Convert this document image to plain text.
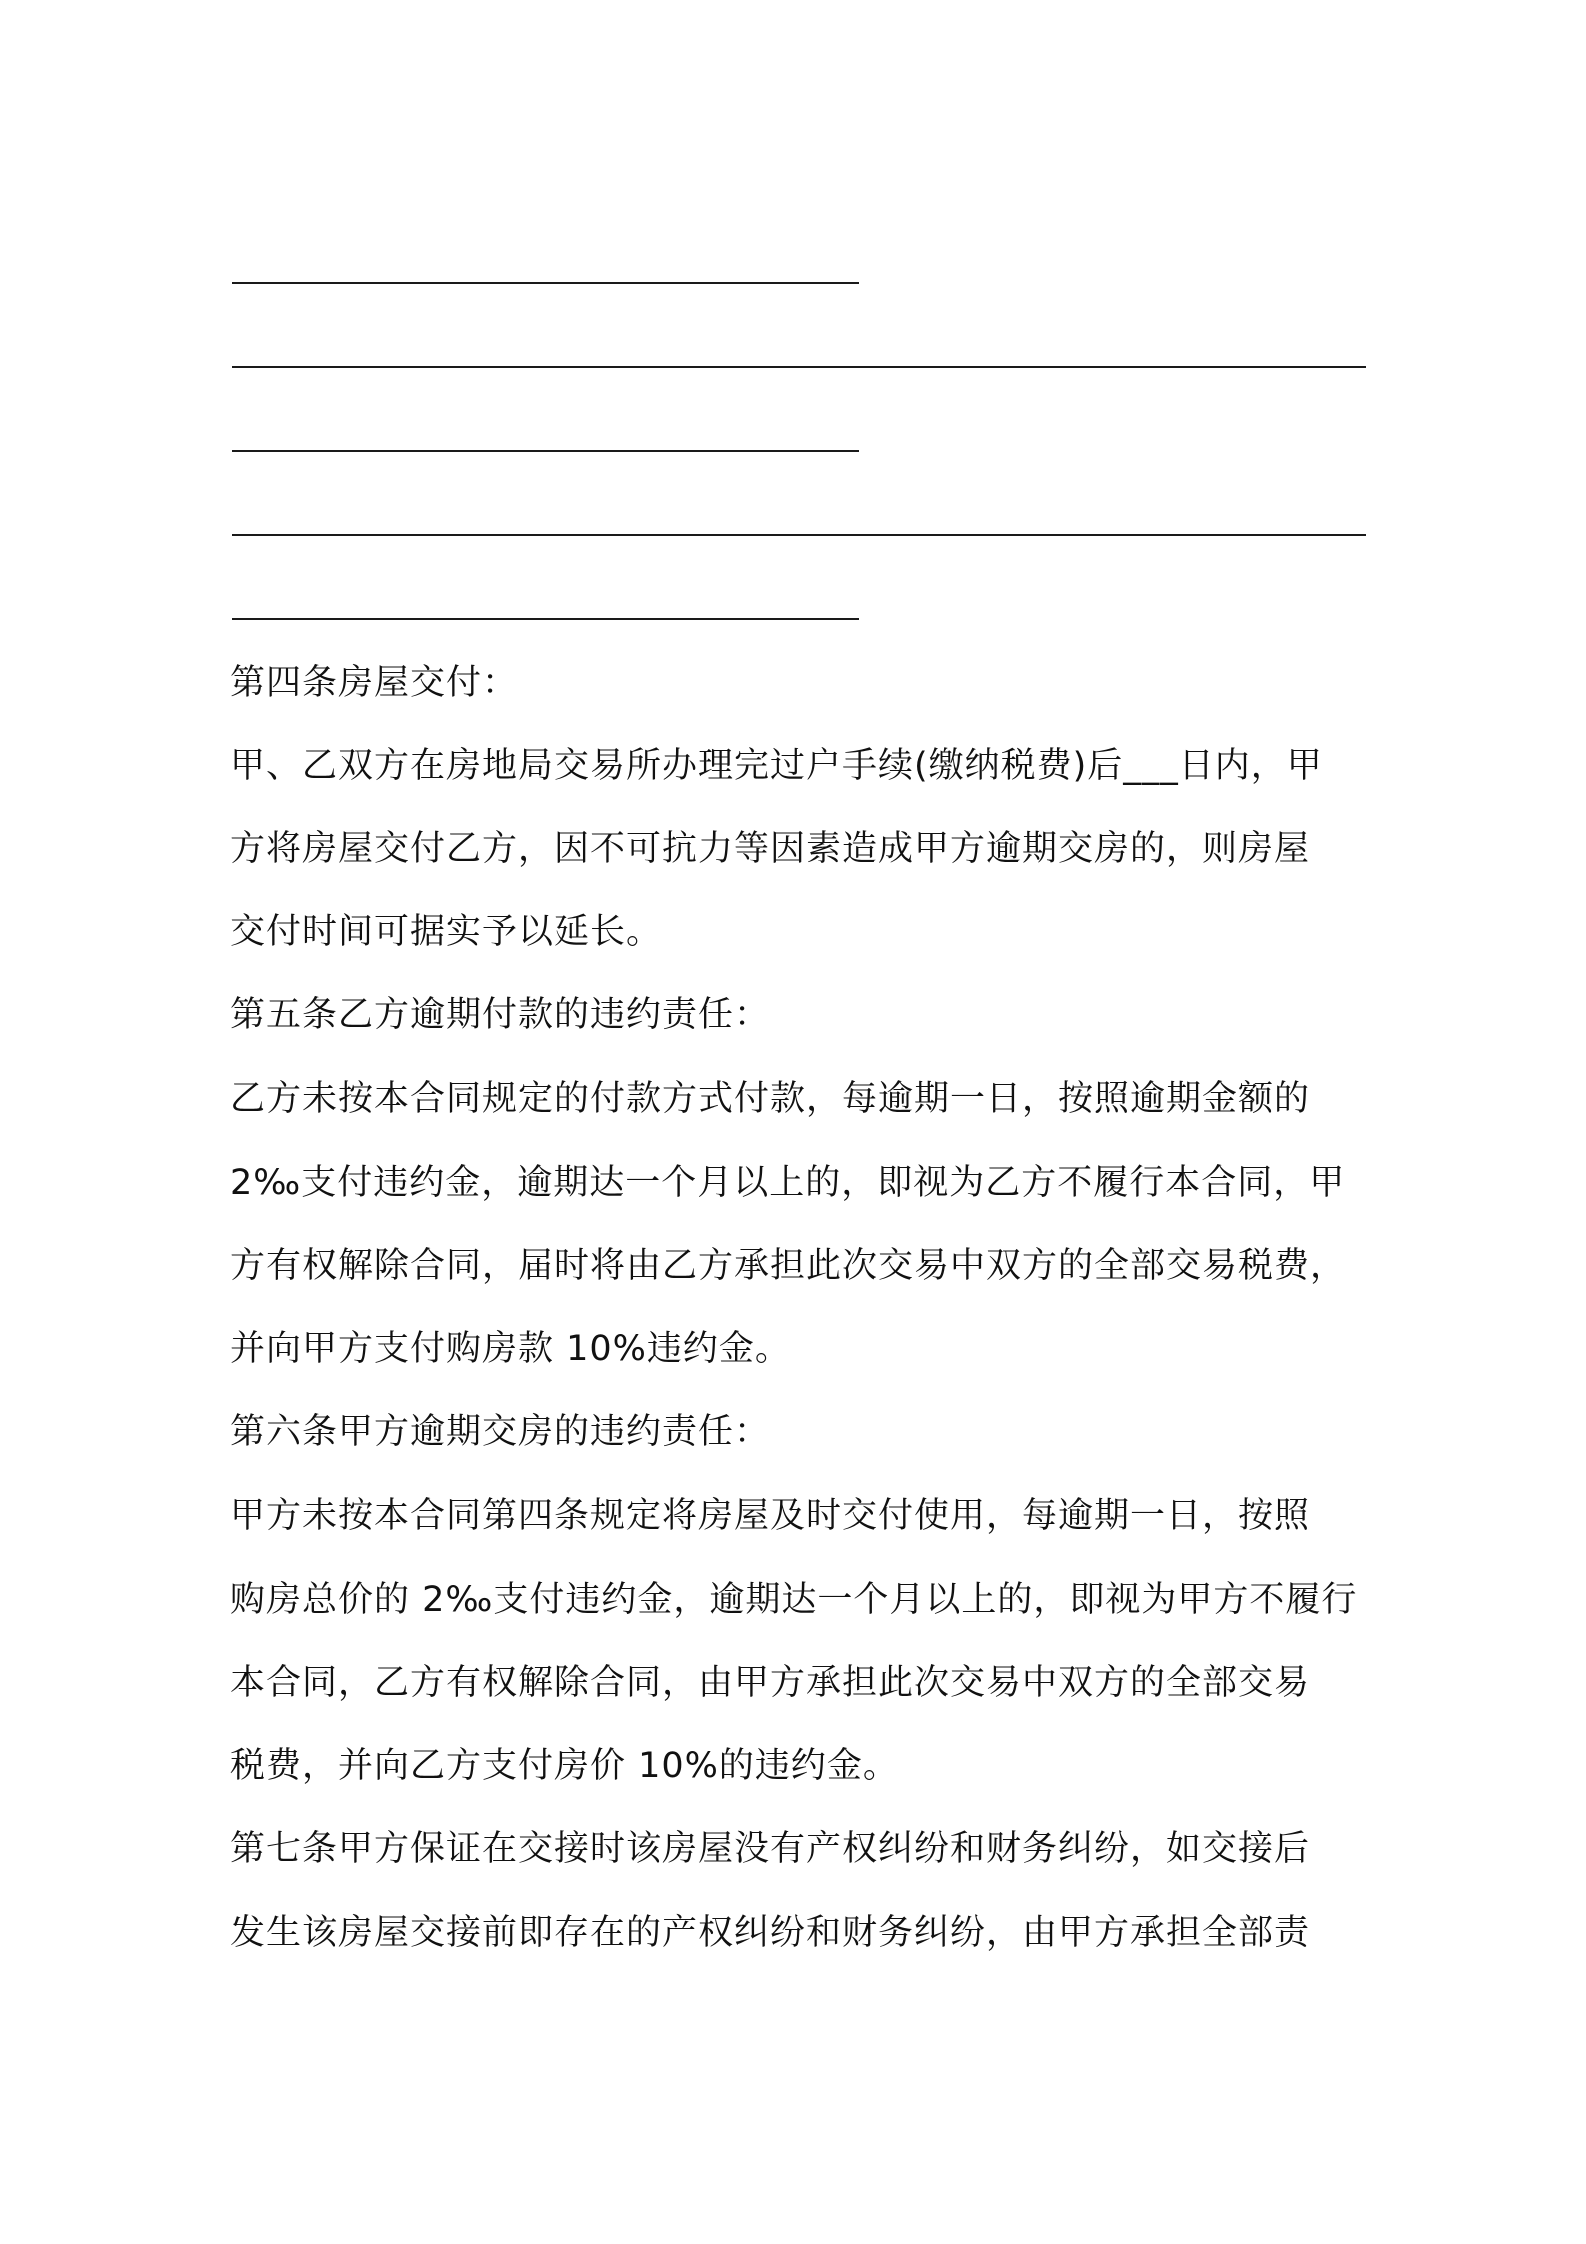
第四条房屋交付：

甲、乙双方在房地局交易所办理完过户手续(缴纳税费)后___日内，甲

方将房屋交付乙方，因不可抗力等因素造成甲方逾期交房的，则房屋

交付时间可据实予以延长。

第五条乙方逾期付款的违约责任：

乙方未按本合同规定的付款方式付款，每逾期一日，按照逾期金额的

2‰支付违约金，逾期达一个月以上的，即视为乙方不履行本合同，甲

方有权解除合同，届时将由乙方承担此次交易中双方的全部交易税费，

并向甲方支付购房款 10%违约金。

第六条甲方逾期交房的违约责任：

甲方未按本合同第四条规定将房屋及时交付使用，每逾期一日，按照

购房总价的 2‰支付违约金，逾期达一个月以上的，即视为甲方不履行

本合同，乙方有权解除合同，由甲方承担此次交易中双方的全部交易

税费，并向乙方支付房价 10%的违约金。

第七条甲方保证在交接时该房屋没有产权纠纷和财务纠纷，如交接后

发生该房屋交接前即存在的产权纠纷和财务纠纷，由甲方承担全部责
